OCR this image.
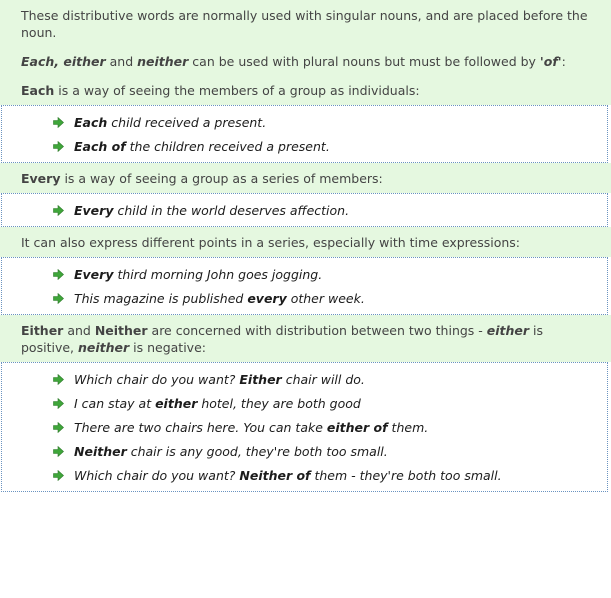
These distributive words are normally used with singular nouns, and are placed before the noun.

Each, either and neither can be used with plural nouns but must be followed by 'of':

Each is a way of seeing the members of a group as individuals:

Each child received a present.
Each of the children received a present.

Every is a way of seeing a group as a series of members:

Every child in the world deserves affection.

It can also express different points in a series, especially with time expressions:

Every third morning John goes jogging.
This magazine is published every other week.

Either and Neither are concerned with distribution between two things - either is positive, neither is negative:

Which chair do you want? Either chair will do.
I can stay at either hotel, they are both good
There are two chairs here. You can take either of them.
Neither chair is any good, they're both too small.
Which chair do you want? Neither of them - they're both too small.
